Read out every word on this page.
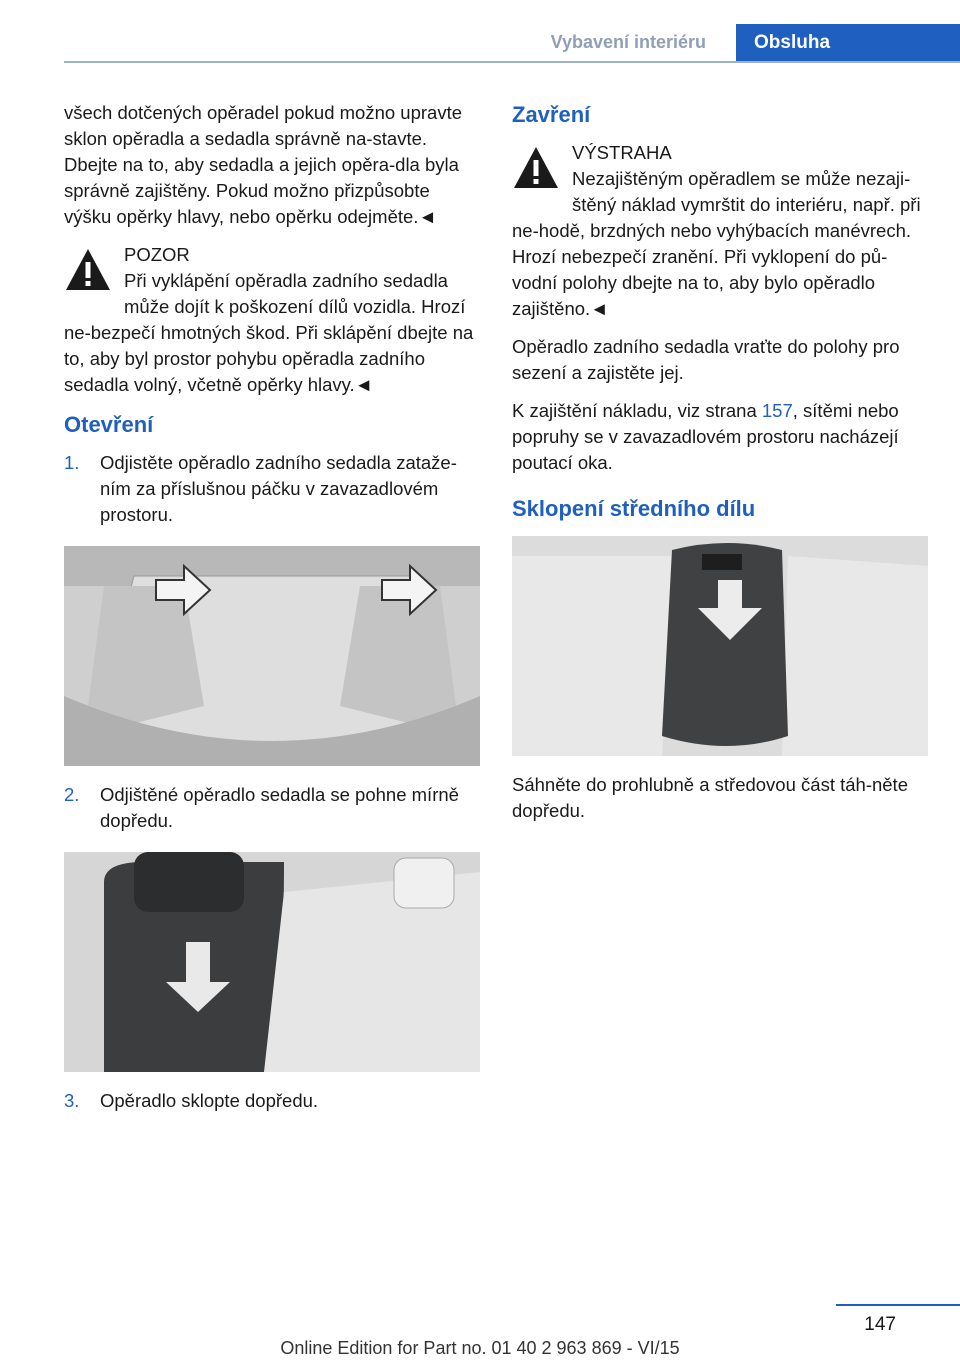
Vybavení interiéru	Obsluha

všech dotčených opěradel pokud možno upravte sklon opěradla a sedadla správně na-stavte. Dbejte na to, aby sedadla a jejich opěra-dla byla správně zajištěny. Pokud možno přizpůsobte výšku opěrky hlavy, nebo opěrku odejměte.◄

POZOR
Při vyklápění opěradla zadního sedadla může dojít k poškození dílů vozidla. Hrozí ne-bezpečí hmotných škod. Při sklápění dbejte na to, aby byl prostor pohybu opěradla zadního sedadla volný, včetně opěrky hlavy.◄
Otevření
1.	Odjistěte opěradlo zadního sedadla zataže-ním za příslušnou páčku v zavazadlovém prostoru.
2.	Odjištěné opěradlo sedadla se pohne mírně dopředu.
3.	Opěradlo sklopte dopředu.
Zavření
VÝSTRAHA
Nezajištěným opěradlem se může nezaji-štěný náklad vymrštit do interiéru, např. při ne-hodě, brzdných nebo vyhýbacích manévrech. Hrozí nebezpečí zranění. Při vyklopení do pů-vodní polohy dbejte na to, aby bylo opěradlo zajištěno.◄

Opěradlo zadního sedadla vraťte do polohy pro sezení a zajistěte jej.

K zajištění nákladu, viz strana 157, sítěmi nebo popruhy se v zavazadlovém prostoru nacházejí poutací oka.

Sklopení středního dílu

Sáhněte do prohlubně a středovou část táh-něte dopředu.

147
Online Edition for Part no. 01 40 2 963 869 - VI/15
